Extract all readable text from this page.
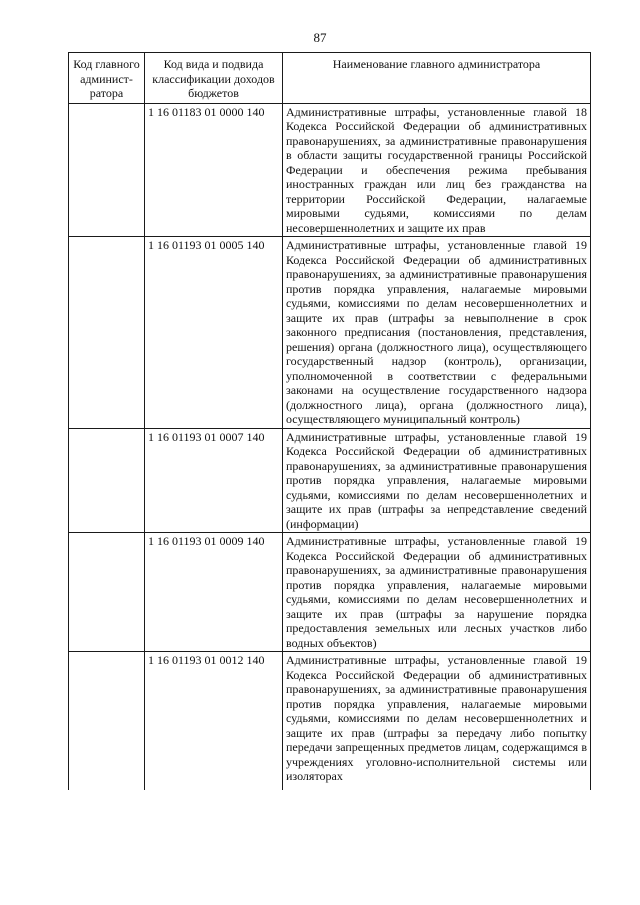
87
Код главного админист-ратора	Код вида и подвида классификации доходов бюджетов	Наименование главного администратора
	1 16 01183 01 0000 140	Административные штрафы, установленные главой 18 Кодекса Российской Федерации об административных правонарушениях, за административные правонарушения в области защиты государственной границы Российской Федерации и обеспечения режима пребывания иностранных граждан или лиц без гражданства на территории Российской Федерации, налагаемые мировыми судьями, комиссиями по делам несовершеннолетних и защите их прав
	1 16 01193 01 0005 140	Административные штрафы, установленные главой 19 Кодекса Российской Федерации об административных правонарушениях, за административные правонарушения против порядка управления, налагаемые мировыми судьями, комиссиями по делам несовершеннолетних и защите их прав (штрафы за невыполнение в срок законного предписания (постановления, представления, решения) органа (должностного лица), осуществляющего государственный надзор (контроль), организации, уполномоченной в соответствии с федеральными законами на осуществление государственного надзора (должностного лица), органа (должностного лица), осуществляющего муниципальный контроль)
	1 16 01193 01 0007 140	Административные штрафы, установленные главой 19 Кодекса Российской Федерации об административных правонарушениях, за административные правонарушения против порядка управления, налагаемые мировыми судьями, комиссиями по делам несовершеннолетних и защите их прав (штрафы за непредставление сведений (информации)
	1 16 01193 01 0009 140	Административные штрафы, установленные главой 19 Кодекса Российской Федерации об административных правонарушениях, за административные правонарушения против порядка управления, налагаемые мировыми судьями, комиссиями по делам несовершеннолетних и защите их прав (штрафы за нарушение порядка предоставления земельных или лесных участков либо водных объектов)
	1 16 01193 01 0012 140	Административные штрафы, установленные главой 19 Кодекса Российской Федерации об административных правонарушениях, за административные правонарушения против порядка управления, налагаемые мировыми судьями, комиссиями по делам несовершеннолетних и защите их прав (штрафы за передачу либо попытку передачи запрещенных предметов лицам, содержащимся в учреждениях уголовно-исполнительной системы или изоляторах
